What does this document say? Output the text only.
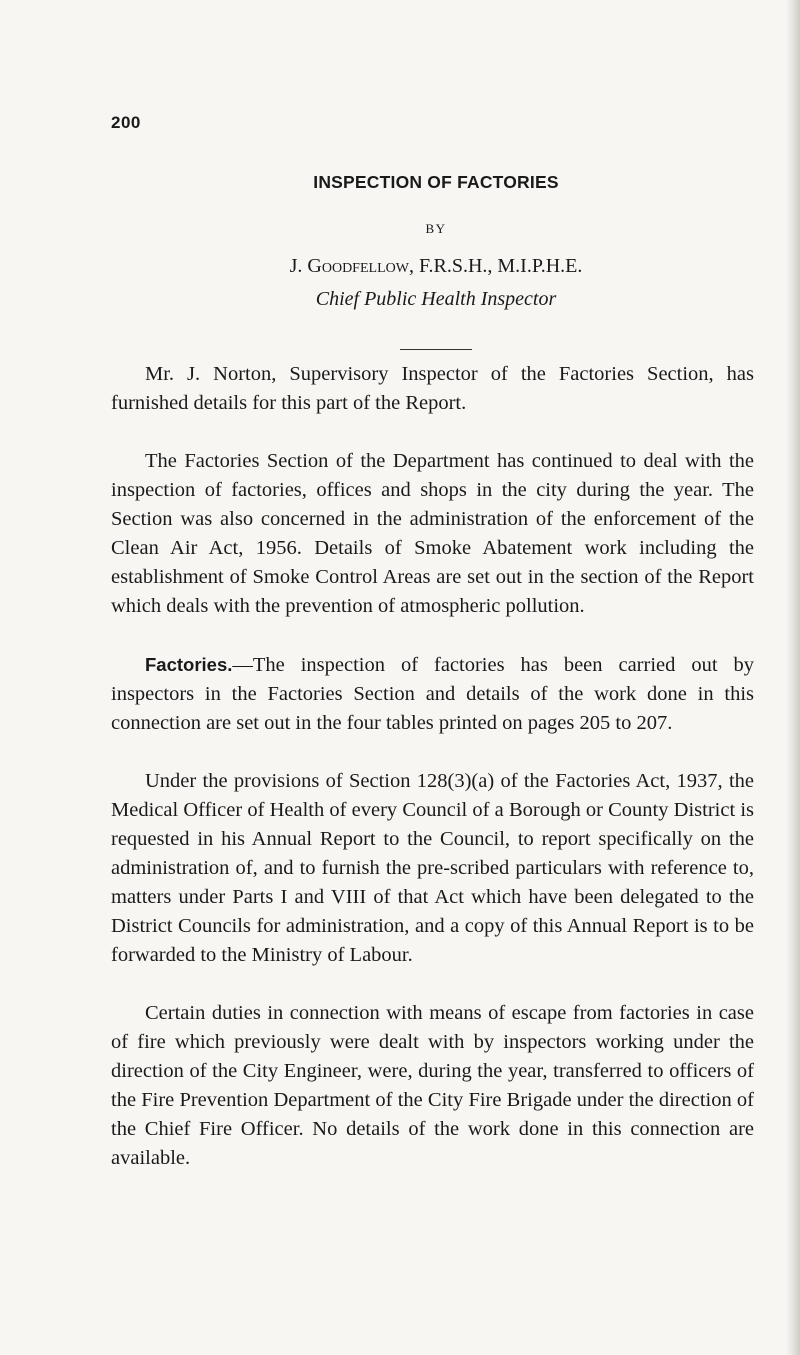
200
INSPECTION OF FACTORIES
BY
J. Goodfellow, F.R.S.H., M.I.P.H.E.
Chief Public Health Inspector

Mr. J. Norton, Supervisory Inspector of the Factories Section, has furnished details for this part of the Report.

The Factories Section of the Department has continued to deal with the inspection of factories, offices and shops in the city during the year. The Section was also concerned in the administration of the enforcement of the Clean Air Act, 1956. Details of Smoke Abatement work including the establishment of Smoke Control Areas are set out in the section of the Report which deals with the prevention of atmospheric pollution.

Factories.—The inspection of factories has been carried out by inspectors in the Factories Section and details of the work done in this connection are set out in the four tables printed on pages 205 to 207.

Under the provisions of Section 128(3)(a) of the Factories Act, 1937, the Medical Officer of Health of every Council of a Borough or County District is requested in his Annual Report to the Council, to report specifically on the administration of, and to furnish the pre-scribed particulars with reference to, matters under Parts I and VIII of that Act which have been delegated to the District Councils for administration, and a copy of this Annual Report is to be forwarded to the Ministry of Labour.

Certain duties in connection with means of escape from factories in case of fire which previously were dealt with by inspectors working under the direction of the City Engineer, were, during the year, transferred to officers of the Fire Prevention Department of the City Fire Brigade under the direction of the Chief Fire Officer. No details of the work done in this connection are available.
